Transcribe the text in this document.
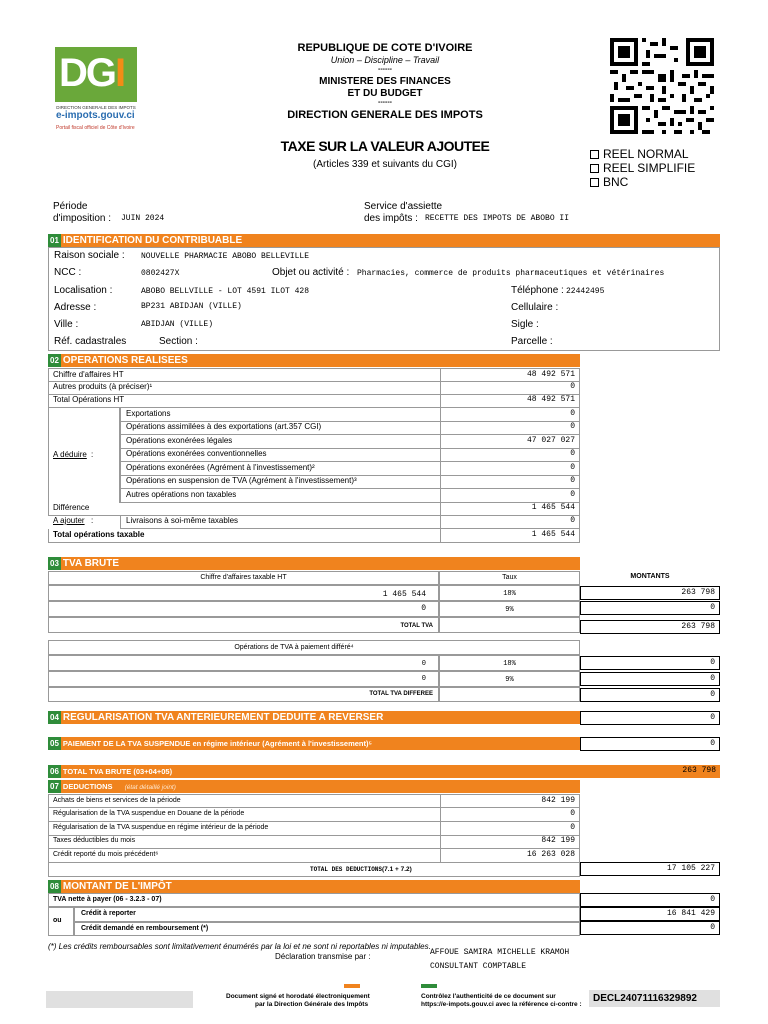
DGI
DIRECTION GENERALE DES IMPOTS
e-impots.gouv.ci
Portail fiscal officiel de Côte d'Ivoire
REPUBLIQUE DE COTE D'IVOIRE
Union – Discipline – Travail
------
MINISTERE DES FINANCES
ET DU BUDGET
------
DIRECTION GENERALE DES IMPOTS
TAXE SUR LA VALEUR AJOUTEE
(Articles 339 et suivants du CGI)
REEL NORMAL
REEL SIMPLIFIE
BNC
Période
d'imposition : JUIN 2024
Service d'assiette
des impôts : RECETTE DES IMPOTS DE ABOBO II
01 IDENTIFICATION DU CONTRIBUABLE
Raison sociale : NOUVELLE PHARMACIE ABOBO BELLEVILLE
NCC :	0802427X	Objet ou activité : Pharmacies, commerce de produits pharmaceutiques et vétérinaires
Localisation :	ABOBO BELLVILLE - LOT 4591 ILOT 428	Téléphone : 22442495
Adresse :	BP231 ABIDJAN (VILLE)	Cellulaire :
Ville :	ABIDJAN (VILLE)	Sigle :
Réf. cadastrales	Section :	Parcelle :
02 OPERATIONS REALISEES
Chiffre d'affaires HT	48 492 571
Autres produits (à préciser)¹	0
Total Opérations HT	48 492 571
Exportations	0
Opérations assimilées à des exportations (art.357 CGI)	0
Opérations exonérées légales	47 027 027
Opérations exonérées conventionnelles	0
Opérations exonérées (Agrément à l'investissement)²	0
Opérations en suspension de TVA (Agrément à l'investissement)³	0
Autres opérations non taxables	0
Différence	1 465 544
Livraisons à soi-même taxables	0
Total opérations taxable	1 465 544
A déduire :
A ajouter :
03 TVA BRUTE
Chiffre d'affaires taxable HT	Taux	MONTANTS
1 465 544	18%	263 798
0	9%	0
TOTAL TVA	263 798
Opérations de TVA à paiement différé⁴
0	18%	0
0	9%	0
TOTAL TVA DIFFEREE	0
04 REGULARISATION TVA ANTERIEUREMENT DEDUITE A REVERSER	0
05 PAIEMENT DE LA TVA SUSPENDUE en régime intérieur (Agrément à l'investissement)⁵	0
06 TOTAL TVA BRUTE (03+04+05)	263 798
07 DEDUCTIONS (état détaillé joint)
Achats de biens et services de la période	842 199
Régularisation de la TVA suspendue en Douane de la période	0
Régularisation de la TVA suspendue en régime intérieur de la période	0
Taxes déductibles du mois	842 199
Crédit reporté du mois précédent⁶	16 263 028
TOTAL DES DEDUCTIONS(7.1 + 7.2)	17 105 227
08 MONTANT DE L'IMPÔT
TVA nette à payer (06 - 3.2.3 - 07)	0
ou
Crédit à reporter	16 841 429
Crédit demandé en remboursement (*)	0
(*) Les crédits remboursables sont limitativement énumérés par la loi et ne sont ni reportables ni imputables.
Déclaration transmise par :	AFFOUE SAMIRA MICHELLE KRAMOH
CONSULTANT COMPTABLE
Document signé et horodaté électroniquement
par la Direction Générale des Impôts
Contrôlez l'authenticité de ce document sur
https://e-impots.gouv.ci avec la référence ci-contre :
DECL24071116329892
